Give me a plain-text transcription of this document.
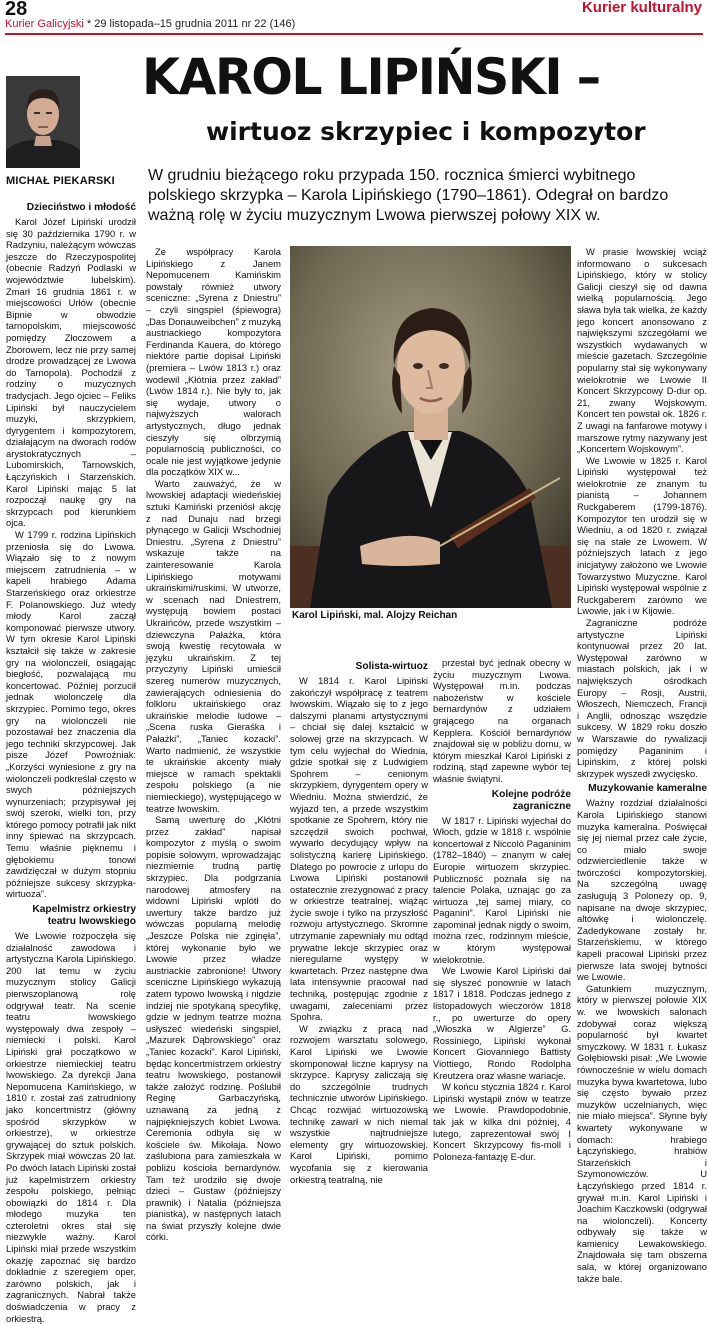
28	Kurier kulturalny
Kurier Galicyjski * 29 listopada–15 grudnia 2011 nr 22 (146)
MICHAŁ PIEKARSKI
KAROL LIPIŃSKI –
wirtuoz skrzypiec i kompozytor

W grudniu bieżącego roku przypada 150. rocznica śmierci wybitnego polskiego skrzypka – Karola Lipińskiego (1790–1861). Odegrał on bardzo ważną rolę w życiu muzycznym Lwowa pierwszej połowy XIX w.

Dzieciństwo i młodość

Karol Józef Lipiński urodził się 30 października 1790 r. w Radzyniu, należącym wówczas jeszcze do Rzeczypospolitej (obecnie Radzyń Podlaski w województwie lubelskim). Zmarł 16 grudnia 1861 r. w miejscowości Urłów (obecnie Bipnie w obwodzie tarnopolskim, miejscowość pomiędzy Złoczowem a Zborowem, lecz nie przy samej drodze prowadzącej ze Lwowa do Tarnopola). Pochodził z rodziny o muzycznych tradycjach. Jego ojciec – Feliks Lipiński był nauczycielem muzyki, skrzypkiem, dyrygentem i kompozytorem, działającym na dworach rodów arystokratycznych – Lubomirskich, Tarnowskich, Łączyńskich i Starzeńskich. Karol Lipiński mając 5 lat rozpoczął naukę gry na skrzypcach pod kierunkiem ojca.

W 1799 r. rodzina Lipińskich przeniosła się do Lwowa. Wiązało się to z nowym miejscem zatrudnienia – w kapeli hrabiego Adama Starzeńskiego oraz orkiestrze F. Polanowskiego. Już wtedy młody Karol zaczął komponować pierwsze utwory. W tym okresie Karol Lipiński kształcił się także w zakresie gry na wiolonczeli, osiągając biegłość, pozwalającą mu koncertować. Później porzucił jednak wiolonczelę dla skrzypiec. Pomimo tego, okres gry na wiolonczeli nie pozostawał bez znaczenia dla jego techniki skrzypcowej. Jak pisze Józef Powroźniak: „Korzyści wyniesione z gry na wiolonczeli podkreślał często w swych późniejszych wynurzeniach; przypisywał jej swój szeroki, wielki ton, przy którego pomocy potrafił jak nikt inny śpiewać na skrzypcach. Temu właśnie pięknemu i głębokiemu tonowi zawdzięczał w dużym stopniu późniejsze sukcesy skrzypka-wirtuoza”.

Kapelmistrz orkiestry teatru lwowskiego

We Lwowie rozpoczęła się działalność zawodowa i artystyczna Karola Lipińskiego. 200 lat temu w życiu muzycznym stolicy Galicji pierwszoplanową rolę odgrywał teatr. Na scenie teatru lwowskiego występowały dwa zespoły – niemiecki i polski. Karol Lipiński grał początkowo w orkiestrze niemieckiej teatru lwowskiego. Za dyrekcji Jana Nepomucena Kamińskiego, w 1810 r. został zaś zatrudniony jako koncertmistrz (główny spośród skrzypków w orkiestrze), w orkiestrze grywającej do sztuk polskich. Skrzypek miał wówczas 20 lat. Po dwóch latach Lipiński został już kapelmistrzem orkiestry zespołu polskiego, pełniąc obowiązki do 1814 r. Dla młodego muzyka ten czteroletni okres stał się niezwykle ważny. Karol Lipiński miał przede wszystkim okazję zapoznać się bardzo dokładnie z szeregiem oper, zarówno polskich, jak i zagranicznych. Nabrał także doświadczenia w pracy z orkiestrą.

Ze współpracy Karola Lipińskiego z Janem Nepomucenem Kamińskim powstały również utwory sceniczne: „Syrena z Dniestru” – czyli singspiel (śpiewogra) „Das Donauweibchen” z muzyką austriackiego kompozytora Ferdinanda Kauera, do którego niektóre partie dopisał Lipiński (premiera – Lwów 1813 r.) oraz wodewil „Kłótnia przez zakład” (Lwów 1814 r.). Nie były to, jak się wydaje, utwory o najwyższych walorach artystycznych, długo jednak cieszyły się olbrzymią popularnością publiczności, co ocale nie jest wyjątkowe jedynie dla początków XIX w...

Warto zauważyć, że w lwowskiej adaptacji wiedeńskiej sztuki Kamiński przeniósł akcję z nad Dunaju nad brzegi płynącego w Galicji Wschodniej Dniestru. „Syrena z Dniestru” wskazuje także na zainteresowanie Karola Lipińskiego motywami ukraińskimi/ruskimi. W utworze, w scenach nad Dniestrem, występują bowiem postaci Ukraińców, przede wszystkim – dziewczyna Pałażka, która swoją kwestię recytowała w języku ukraińskim. Z tej przyczyny Lipiński umieścił szereg numerów muzycznych, zawierających odniesienia do folkloru ukraińskiego oraz ukraińskie melodie ludowe – „Scena ruska Gieraśka i Pałażki”, „Taniec kozacki”. Warto nadmienić, że wszystkie te ukraińskie akcenty miały miejsce w ramach spektakli zespołu polskiego (a nie niemieckiego), występującego w teatrze lwowskim.

Samą uwerturę do „Kłótni przez zakład” napisał kompozytor z myślą o swoim popisie solowym, wprowadzając niezmiernie trudną partię skrzypiec. Dla podgrzania narodowej atmosfery na widowni Lipiński wplótł do uwertury także bardzo już wówczas popularną melodię „Jeszcze Polska nie zginęła”, której wykonanie było we Lwowie przez władze austriackie zabronione! Utwory sceniczne Lipińskiego wykazują zatem typowo lwowską i nigdzie indziej nie spotykaną specyfikę, gdzie w jednym teatrze można usłyszeć wiedeński singspiel, „Mazurek Dąbrowskiego” oraz „Taniec kozacki”. Karol Lipiński, będąc koncertmistrzem orkiestry teatru lwowskiego, postanowił także założyć rodzinę. Poślubił Reginę Garbaczyńską, uznawaną za jedną z najpiękniejszych kobiet Lwowa. Ceremonia odbyła się w kościele św. Mikołaja. Nowo zaślubiona para zamieszkała w pobliżu kościoła bernardynów. Tam też urodziło się dwoje dzieci – Gustaw (późniejszy prawnik) i Natalia (późniejsza pianistka), w następnych latach na świat przyszły kolejne dwie córki.

Karol Lipiński, mal. Alojzy Reichan
Solista-wirtuoz

W 1814 r. Karol Lipiński zakończył współpracę z teatrem lwowskim. Wiązało się to z jego dalszymi planami artystycznymi – chciał się dalej kształcić w solowej grze na skrzypcach. W tym celu wyjechał do Wiednia, gdzie spotkał się z Ludwigiem Spohrem – cenionym skrzypkiem, dyrygentem opery w Wiedniu. Można stwierdzić, że wyjazd ten, a przede wszystkim spotkanie ze Spohrem, który nie szczędził swoich pochwał, wywarło decydujący wpływ na solistyczną karierę Lipińskiego. Dlatego po powrocie z urlopu do Lwowa Lipiński postanowił ostatecznie zrezygnować z pracy w orkiestrze teatralnej, wiążąc życie swoje i tylko na przyszłość rozwoju artystycznego. Skromne utrzymanie zapewniały mu odtąd prywatne lekcje skrzypiec oraz nieregularne występy w kwartetach. Przez następne dwa lata intensywnie pracował nad techniką, postępując zgodnie z uwagami, zaleceniami przez Spohra.

W związku z pracą nad rozwojem warsztatu solowego, Karol Lipiński we Lwowie skomponował liczne kaprysy na skrzypce. Kaprysy zaliczają się do szczególnie trudnych technicznie utworów Lipińskiego. Chcąc rozwijać wirtuozowską technikę zawarł w nich niemal wszystkie najtrudniejsze elementy gry wirtuozowskiej. Karol Lipiński, pomimo wycofania się z kierowania orkiestrą teatralną, nie

przestał być jednak obecny w życiu muzycznym Lwowa. Występował m.in. podczas nabożeństw w kościele bernardynów z udziałem grającego na organach Kepplera. Kościół bernardynów znajdował się w pobliżu domu, w którym mieszkał Karol Lipiński z rodziną, stąd zapewne wybór tej właśnie świątyni.

Kolejne podróże zagraniczne

W 1817 r. Lipiński wyjechał do Włoch, gdzie w 1818 r. wspólnie koncertował z Niccolò Paganinim (1782–1840) – znanym w całej Europie wirtuozem skrzypiec. Publiczność poznała się na talencie Polaka, uznając go za wirtuoza „tej samej miary, co Paganini”. Karol Lipiński nie zapominał jednak nigdy o swoim, można rzec, rodzinnym mieście, w którym występował wielokrotnie.

We Lwowie Karol Lipiński dał się słyszeć ponownie w latach 1817 i 1818. Podczas jednego z listopadowych wieczorów 1818 r., po uwerturze do opery „Włoszka w Algierze” G. Rossiniego, Lipiński wykonał Koncert Giovanniego Battisty Viottiego, Rondo Rodolpha Kreutzera oraz własne wariacje.

W końcu stycznia 1824 r. Karol Lipiński wystąpił znów w teatrze we Lwowie. Prawdopodobnie, tak jak w kilka dni później, 4 lutego, zaprezentował swój I Koncert Skrzypcowy fis-moll i Poloneza-fantazję E-dur.

W prasie lwowskiej wciąż informowano o sukcesach Lipińskiego, który w stolicy Galicji cieszył się od dawna wielką popularnością. Jego sława była tak wielka, że każdy jego koncert anonsowano z największymi szczegółami we wszystkich wydawanych w mieście gazetach. Szczególnie popularny stał się wykonywany wielokrotnie we Lwowie II Koncert Skrzypcowy D-dur op. 21, zwany Wojskowym. Koncert ten powstał ok. 1826 r. Z uwagi na fanfarowe motywy i marszowe rytmy nazywany jest „Koncertem Wojskowym”.

We Lwowie w 1825 r. Karol Lipiński występował też wielokrotnie ze znanym tu pianistą – Johannem Ruckgaberem (1799-1876). Kompozytor ten urodził się w Wiedniu, a od 1820 r. związał się na stałe ze Lwowem. W późniejszych latach z jego inicjatywy założono we Lwowie Towarzystwo Muzyczne. Karol Lipiński występował wspólnie z Ruckgaberem zarówno we Lwowie, jak i w Kijowie.

Zagraniczne podróże artystyczne Lipiński kontynuował przez 20 lat. Występował zarówno w miastach polskich, jak i w największych ośrodkach Europy – Rosji, Austrii, Włoszech, Niemczech, Francji i Anglii, odnosząc wszędzie sukcesy. W 1829 roku doszło w Warszawie do rywalizacji pomiędzy Paganinim i Lipińskim, z której polski skrzypek wyszedł zwycięsko.

Muzykowanie kameralne

Ważny rozdział działalności Karola Lipińskiego stanowi muzyka kameralna. Poświęcał się jej niemal przez całe życie, co miało swoje odzwierciedlenie także w twórczości kompozytorskiej. Na szczególną uwagę zasługują 3 Polonezy op. 9, napisane na dwoje skrzypiec, altówkę i wiolonczelę. Zadedykowane zostały hr. Starzeńskiemu, w którego kapeli pracował Lipiński przez pierwsze lata swojej bytności we Lwowie.

Gatunkiem muzycznym, który w pierwszej połowie XIX w. we lwowskich salonach zdobywał coraz większą popularność był kwartet smyczkowy. W 1831 r. Łukasz Gołębiowski pisał: „We Lwowie równocześnie w wielu domach muzyka bywa kwartetowa, lubo się często bywało przez muzyków uczelnianych, więc nie miało miejsca”. Słynne były kwartety wykonywane w domach: hrabiego Łączyńskiego, hrabiów Starzeńskich i Szymonowiczów. U Łączyńskiego przed 1814 r. grywał m.in. Karol Lipiński i Joachim Kaczkowski (odgrywał na wiolonczeli). Koncerty odbywały się także w kamienicy Lewakowskiego. Znajdowała się tam obszerna sala, w której organizowano także bale.
